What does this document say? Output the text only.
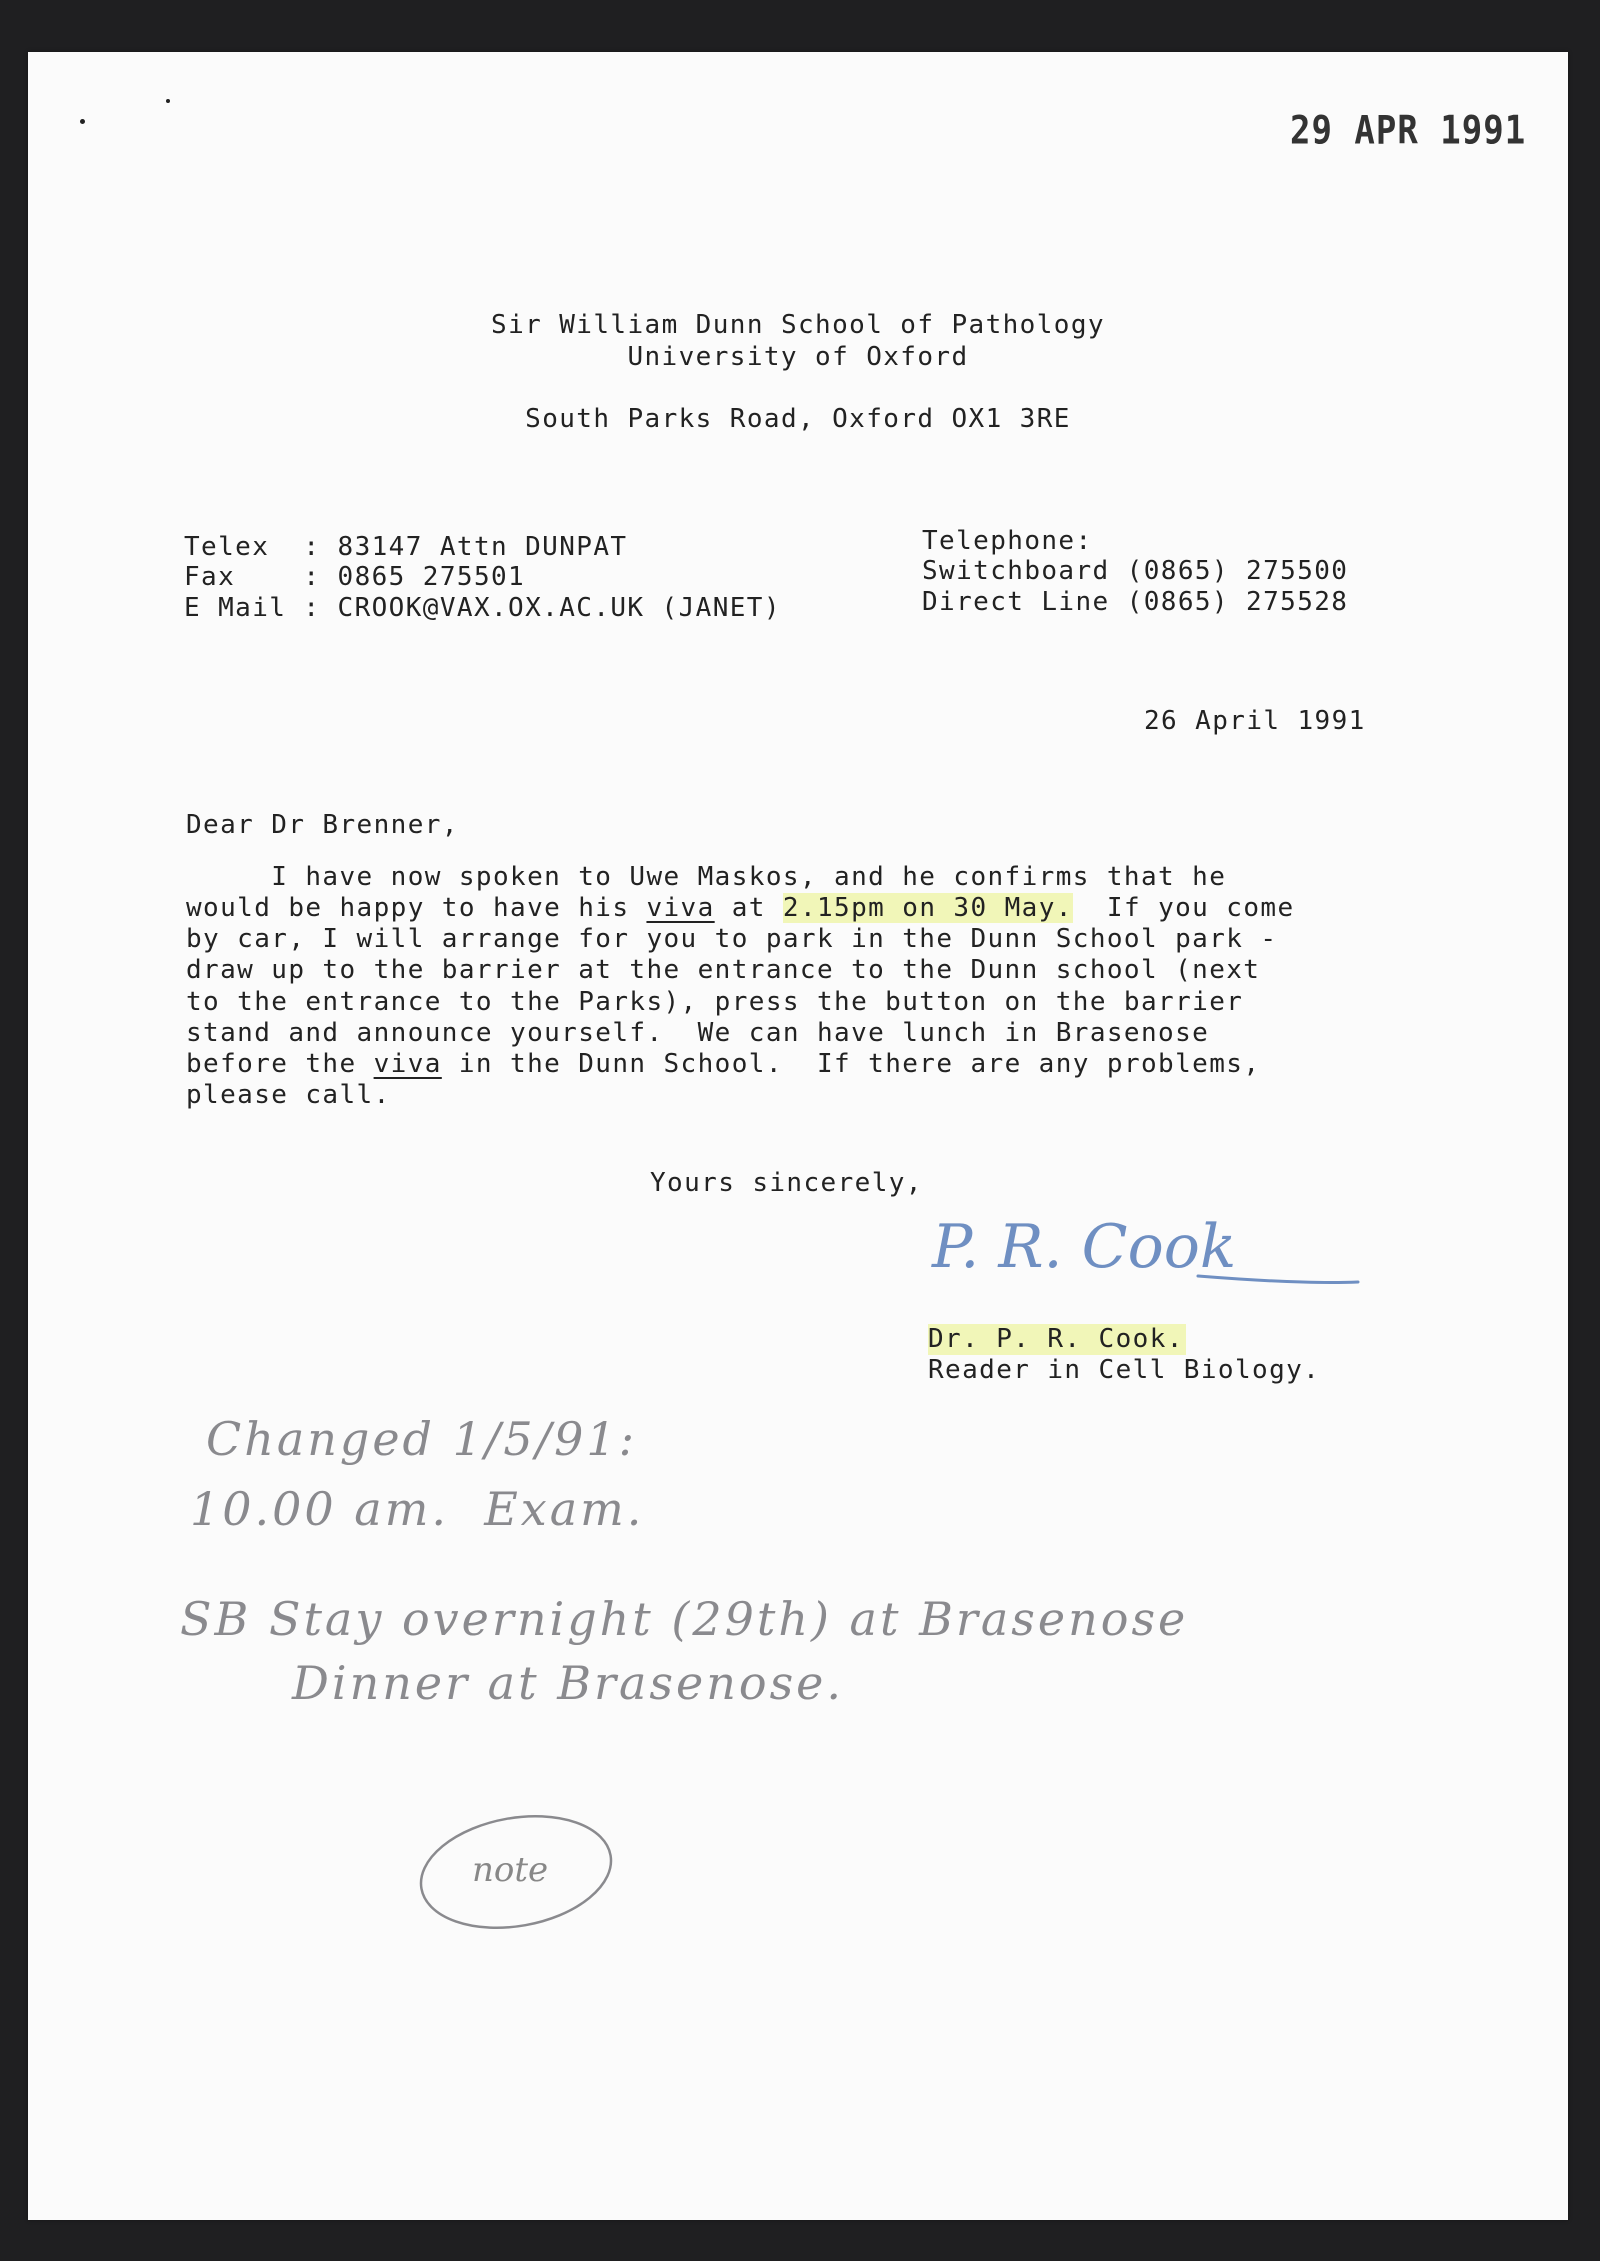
29 APR 1991
Sir William Dunn School of Pathology
University of Oxford
South Parks Road, Oxford OX1 3RE
Telex  : 83147 Attn DUNPAT
Fax    : 0865 275501
E Mail : CROOK@VAX.OX.AC.UK (JANET)
Telephone:
Switchboard (0865) 275500
Direct Line (0865) 275528
26 April 1991
Dear Dr Brenner,
I have now spoken to Uwe Maskos, and he confirms that he
would be happy to have his viva at 2.15pm on 30 May.  If you come
by car, I will arrange for you to park in the Dunn School park -
draw up to the barrier at the entrance to the Dunn school (next
to the entrance to the Parks), press the button on the barrier
stand and announce yourself.  We can have lunch in Brasenose
before the viva in the Dunn School.  If there are any problems,
please call.
Yours sincerely,

P. R. Cook

Dr. P. R. Cook.
Reader in Cell Biology.
Changed 1/5/91:
10.00 am.  Exam.
SB Stay overnight (29th) at Brasenose
Dinner at Brasenose.

note
